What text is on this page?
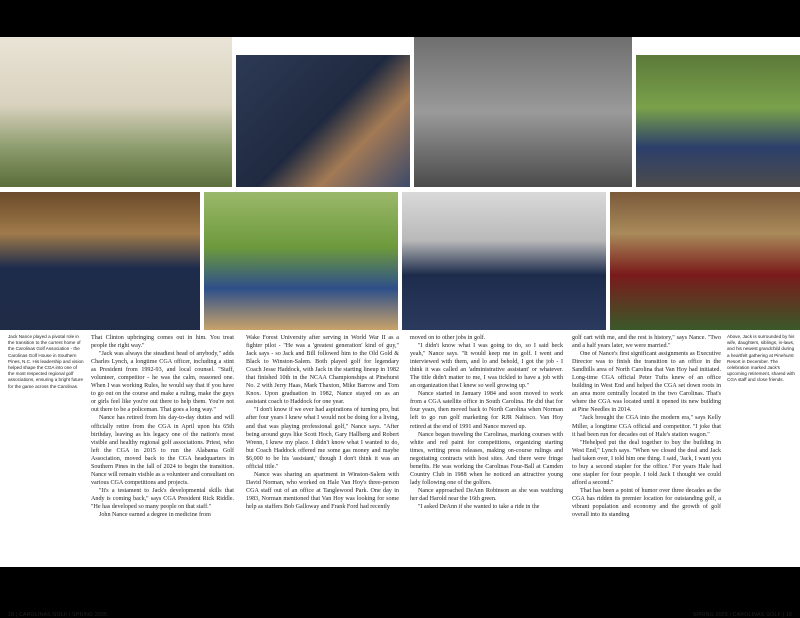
Jack Nance played a pivotal role in the transition to the current home of the Carolinas Golf Association - the Carolinas Golf House in Southern Pines, N.C. His leadership and vision helped shape the CGA into one of the most respected regional golf associations, ensuring a bright future for the game across the Carolinas.
Above, Jack is surrounded by his wife, daughters, siblings, in-laws, and his newest grandchild during a heartfelt gathering at Pinehurst Resort in December. The celebration marked Jack's upcoming retirement, shared with CGA staff and close friends.

That Clinton upbringing comes out in him. You treat people the right way."

"Jack was always the steadiest head of anybody," adds Charles Lynch, a longtime CGA officer, including a stint as President from 1992-93, and local counsel. "Staff, volunteer, competitor - he was the calm, reasoned one. When I was working Rules, he would say that if you have to go out on the course and make a ruling, make the guys or girls feel like you're out there to help them. You're not out there to be a policeman. That goes a long way."

Nance has retired from his day-to-day duties and will officially retire from the CGA in April upon his 65th birthday, leaving as his legacy one of the nation's most visible and healthy regional golf associations. Priest, who left the CGA in 2015 to run the Alabama Golf Association, moved back to the CGA headquarters in Southern Pines in the fall of 2024 to begin the transition. Nance will remain visible as a volunteer and consultant on various CGA competitions and projects.

"It's a testament to Jack's developmental skills that Andy is coming back," says CGA President Rick Riddle. "He has developed so many people on that staff."

John Nance earned a degree in medicine from

Wake Forest University after serving in World War II as a fighter pilot - "He was a 'greatest generation' kind of guy," Jack says - so Jack and Bill followed him to the Old Gold & Black to Winston-Salem. Both played golf for legendary Coach Jesse Haddock, with Jack in the starting lineup in 1982 that finished 10th in the NCAA Championships at Pinehurst No. 2 with Jerry Haas, Mark Thaxton, Mike Barrow and Tom Knox. Upon graduation in 1982, Nance stayed on as an assistant coach to Haddock for one year.

"I don't know if we ever had aspirations of turning pro, but after four years I knew what I would not be doing for a living, and that was playing professional golf," Nance says. "After being around guys like Scott Hoch, Gary Hallberg and Robert Wrenn, I knew my place. I didn't know what I wanted to do, but Coach Haddock offered me some gas money and maybe $6,000 to be his 'assistant,' though I don't think it was an official title."

Nance was sharing an apartment in Winston-Salem with David Norman, who worked on Hale Van Hoy's three-person CGA staff out of an office at Tanglewood Park. One day in 1983, Norman mentioned that Van Hoy was looking for some help as staffers Bob Galloway and Frank Ford had recently

moved on to other jobs in golf.

"I didn't know what I was going to do, so I said heck yeah," Nance says. "It would keep me in golf. I went and interviewed with them, and lo and behold, I got the job - I think it was called an 'administrative assistant' or whatever. The title didn't matter to me, I was tickled to have a job with an organization that I knew so well growing up."

Nance started in January 1984 and soon moved to work from a CGA satellite office in South Carolina. He did that for four years, then moved back to North Carolina when Norman left to go run golf marketing for RJR Nabisco. Van Hoy retired at the end of 1991 and Nance moved up.

Nance began traveling the Carolinas, marking courses with white and red paint for competitions, organizing starting times, writing press releases, making on-course rulings and negotiating contracts with host sites. And there were fringe benefits. He was working the Carolinas Four-Ball at Camden Country Club in 1988 when he noticed an attractive young lady following one of the golfers.

Nance approached DeAnn Robinson as she was watching her dad Harold near the 16th green.

"I asked DeAnn if she wanted to take a ride in the

golf cart with me, and the rest is history," says Nance. "Two and a half years later, we were married."

One of Nance's first significant assignments as Executive Director was to finish the transition to an office in the Sandhills area of North Carolina that Van Hoy had initiated. Long-time CGA official Peter Tufts knew of an office building in West End and helped the CGA set down roots in an area more centrally located in the two Carolinas. That's where the CGA was located until it opened its new building at Pine Needles in 2014.

"Jack brought the CGA into the modern era," says Kelly Miller, a longtime CGA official and competitor. "I joke that it had been run for decades out of Hale's station wagon."

"Hehelped put the deal together to buy the building in West End," Lynch says. "When we closed the deal and Jack had taken over, I told him one thing. I said, 'Jack, I want you to buy a second stapler for the office.' For years Hale had one stapler for four people. I told Jack I thought we could afford a second."

That has been a point of humor over three decades as the CGA has ridden its premier location for outstanding golf, a vibrant population and economy and the growth of golf overall into its standing

18 | CAROLINAS GOLF | SPRING 2025	SPRING 2025 | CAROLINAS GOLF | 19
